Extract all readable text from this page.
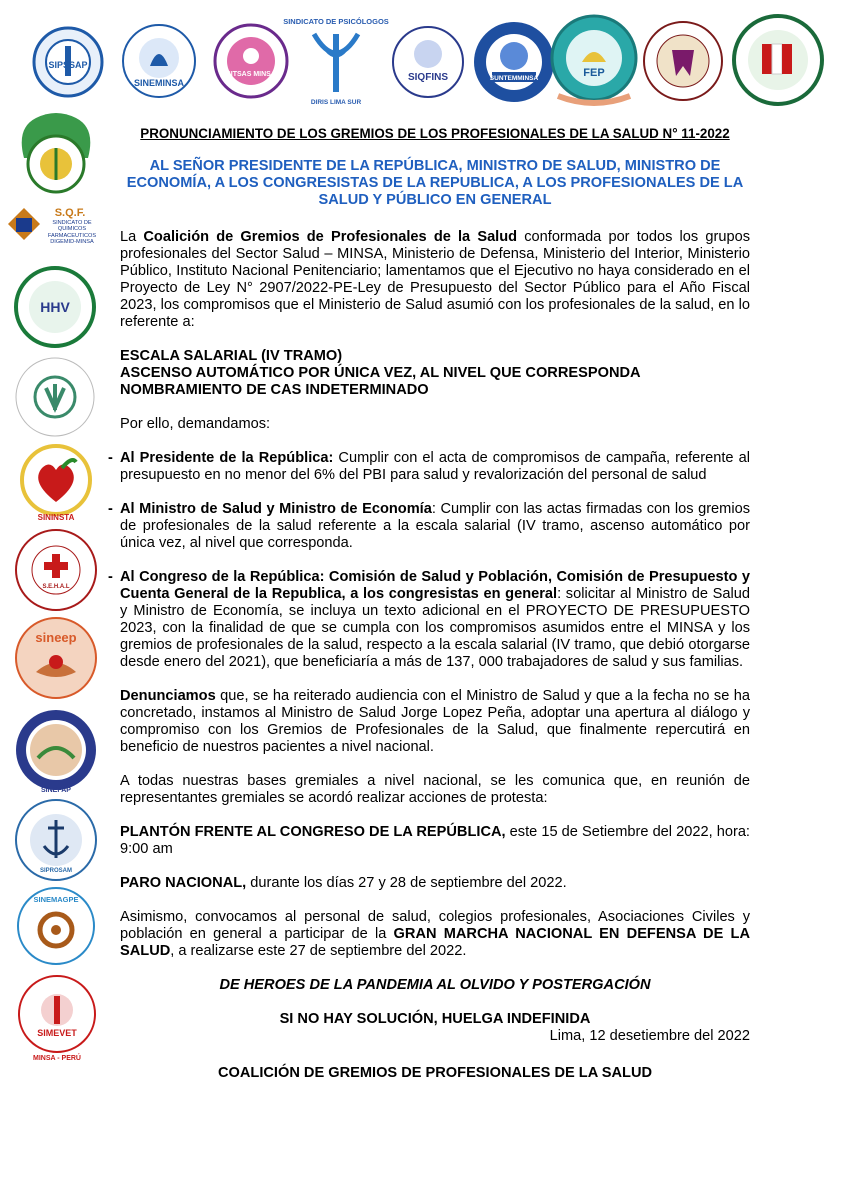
SIPSSAP
SINEMINSA
SITSAS MINSA
SINDICATO DE PSICÓLOGOS
DIRIS LIMA SUR
SIQFINS	SUNTEMMINSA	FEP
S.Q.F.
SINDICATO DE QUIMICOS FARMACEUTICOS DIGEMID-MINSA
HHV
SININSTA
S.E.H.A.L
sineep
SINEFAP
SIPROSAM
SINEMAGPE
SIMEVET
MINSA - PERÚ
PRONUNCIAMIENTO DE LOS GREMIOS DE LOS PROFESIONALES DE LA SALUD N° 11-2022
AL SEÑOR PRESIDENTE DE LA REPÚBLICA, MINISTRO DE SALUD, MINISTRO DE ECONOMÍA, A LOS CONGRESISTAS DE LA REPUBLICA, A LOS PROFESIONALES DE LA SALUD Y PÚBLICO EN GENERAL

La Coalición de Gremios de Profesionales de la Salud conformada por todos los grupos profesionales del Sector Salud – MINSA, Ministerio de Defensa, Ministerio del Interior, Ministerio Público, Instituto Nacional Penitenciario; lamentamos que el Ejecutivo no haya considerado en el Proyecto de Ley N° 2907/2022-PE-Ley de Presupuesto del Sector Público para el Año Fiscal 2023, los compromisos que el Ministerio de Salud asumió con los profesionales de la salud, en lo referente a:

ESCALA SALARIAL (IV TRAMO)
ASCENSO AUTOMÁTICO POR ÚNICA VEZ, AL NIVEL QUE CORRESPONDA
NOMBRAMIENTO DE CAS INDETERMINADO

Por ello, demandamos:

- Al Presidente de la República: Cumplir con el acta de compromisos de campaña, referente al presupuesto en no menor del 6% del PBI para salud y revalorización del personal de salud
- Al Ministro de Salud y Ministro de Economía: Cumplir con las actas firmadas con los gremios de profesionales de la salud referente a la escala salarial (IV tramo, ascenso automático por única vez, al nivel que corresponda.
- Al Congreso de la República: Comisión de Salud y Población, Comisión de Presupuesto y Cuenta General de la Republica, a los congresistas en general: solicitar al Ministro de Salud y Ministro de Economía, se incluya un texto adicional en el PROYECTO DE PRESUPUESTO 2023, con la finalidad de que se cumpla con los compromisos asumidos entre el MINSA y los gremios de profesionales de la salud, respecto a la escala salarial (IV tramo, que debió otorgarse desde enero del 2021), que beneficiaría a más de 137, 000 trabajadores de salud y sus familias.

Denunciamos que, se ha reiterado audiencia con el Ministro de Salud y que a la fecha no se ha concretado, instamos al Ministro de Salud Jorge Lopez Peña, adoptar una apertura al diálogo y compromiso con los Gremios de Profesionales de la Salud, que finalmente repercutirá en beneficio de nuestros pacientes a nivel nacional.

A todas nuestras bases gremiales a nivel nacional, se les comunica que, en reunión de representantes gremiales se acordó realizar acciones de protesta:

PLANTÓN FRENTE AL CONGRESO DE LA REPÚBLICA, este 15 de Setiembre del 2022, hora: 9:00 am

PARO NACIONAL, durante los días 27 y 28 de septiembre del 2022.

Asimismo, convocamos al personal de salud, colegios profesionales, Asociaciones Civiles y población en general a participar de la GRAN MARCHA NACIONAL EN DEFENSA DE LA SALUD, a realizarse este 27 de septiembre del 2022.

DE HEROES DE LA PANDEMIA AL OLVIDO Y POSTERGACIÓN
SI NO HAY SOLUCIÓN, HUELGA INDEFINIDA
Lima, 12 desetiembre del 2022
COALICIÓN DE GREMIOS DE PROFESIONALES DE LA SALUD
